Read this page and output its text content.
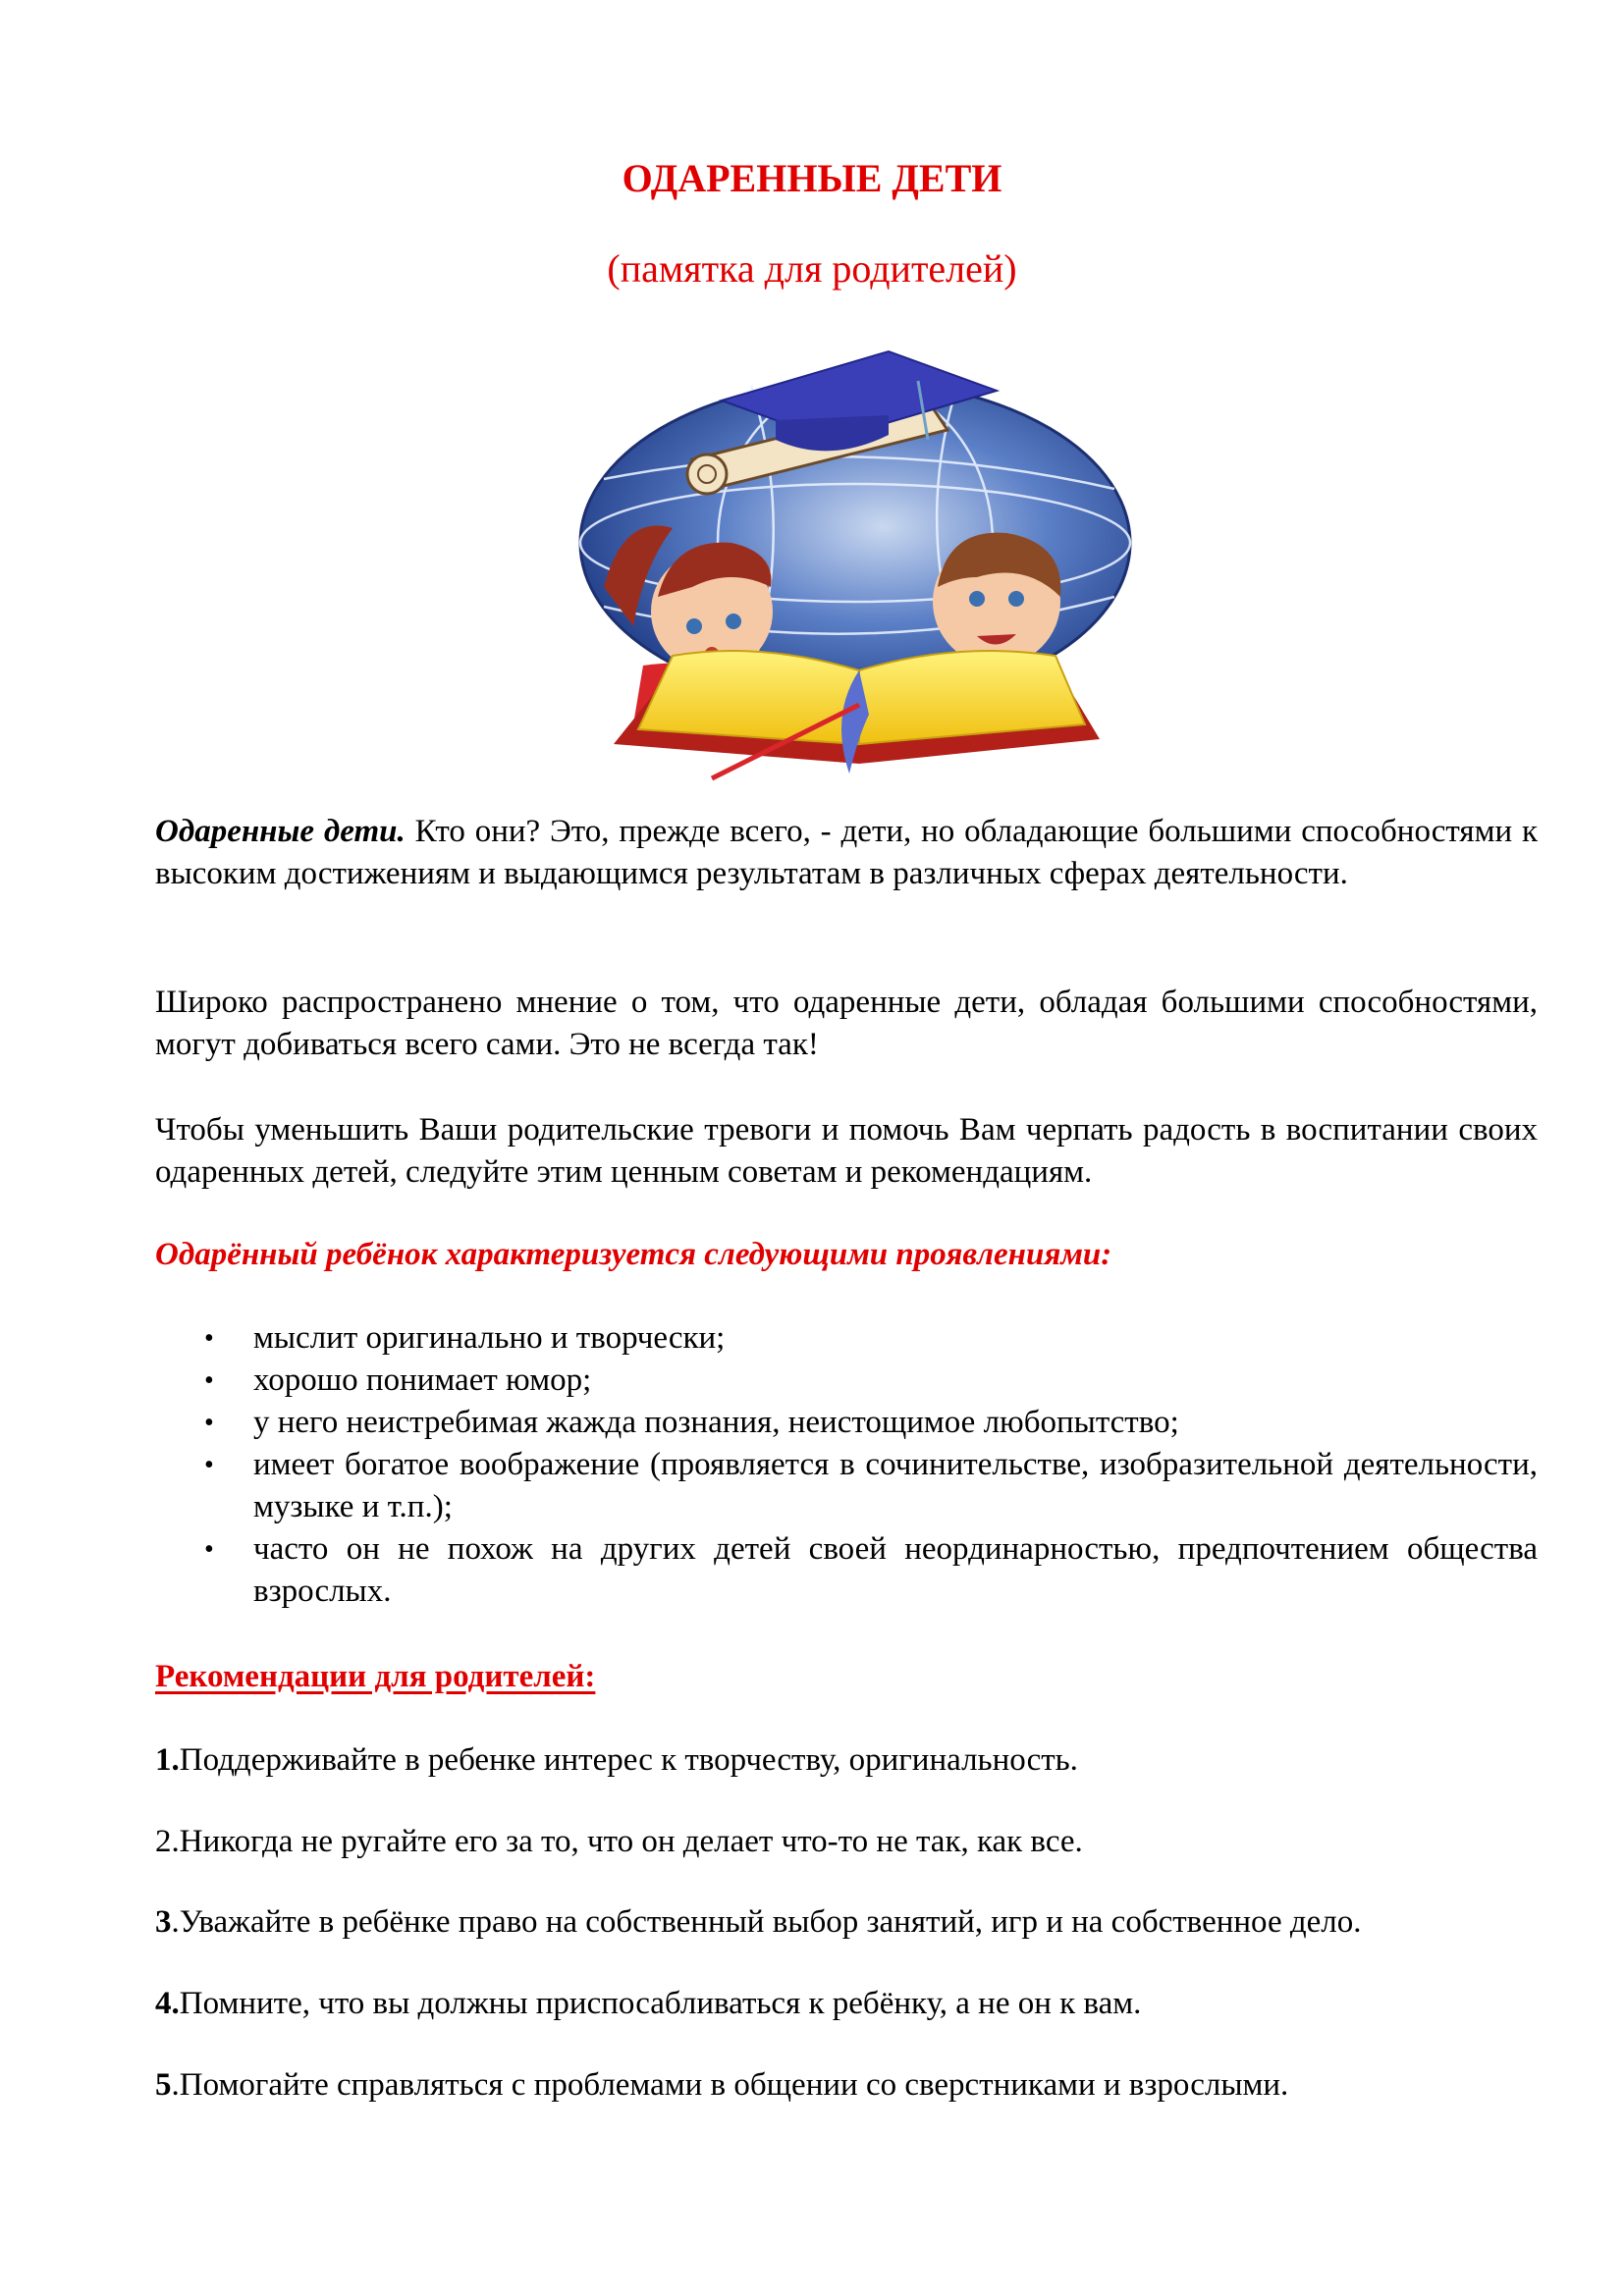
ОДАРЕННЫЕ ДЕТИ
(памятка для родителей)
Одаренные дети. Кто они? Это, прежде всего, - дети, но обладающие большими способностями к высоким достижениям и выдающимся результатам в различных сферах деятельности.
Широко распространено мнение о том, что одаренные дети, обладая большими способностями, могут добиваться всего сами. Это не всегда так!
Чтобы уменьшить Ваши родительские тревоги и помочь Вам черпать радость в воспитании своих одаренных детей, следуйте этим ценным советам и рекомендациям.
Одарённый ребёнок характеризуется следующими проявлениями:
• мыслит оригинально и творчески;
• хорошо понимает юмор;
• у него неистребимая жажда познания, неистощимое любопытство;
• имеет богатое воображение (проявляется в сочинительстве, изобразительной деятельности, музыке и т.п.);
• часто он не похож на других детей своей неординарностью, предпочтением общества взрослых.
Рекомендации для родителей:
1.Поддерживайте в ребенке интерес к творчеству, оригинальность.
2.Никогда не ругайте его за то, что он делает что-то не так, как все.
3.Уважайте в ребёнке право на собственный выбор занятий, игр и на собственное дело.
4.Помните, что вы должны приспосабливаться к ребёнку, а не он к вам.
5.Помогайте справляться с проблемами в общении со сверстниками и взрослыми.
